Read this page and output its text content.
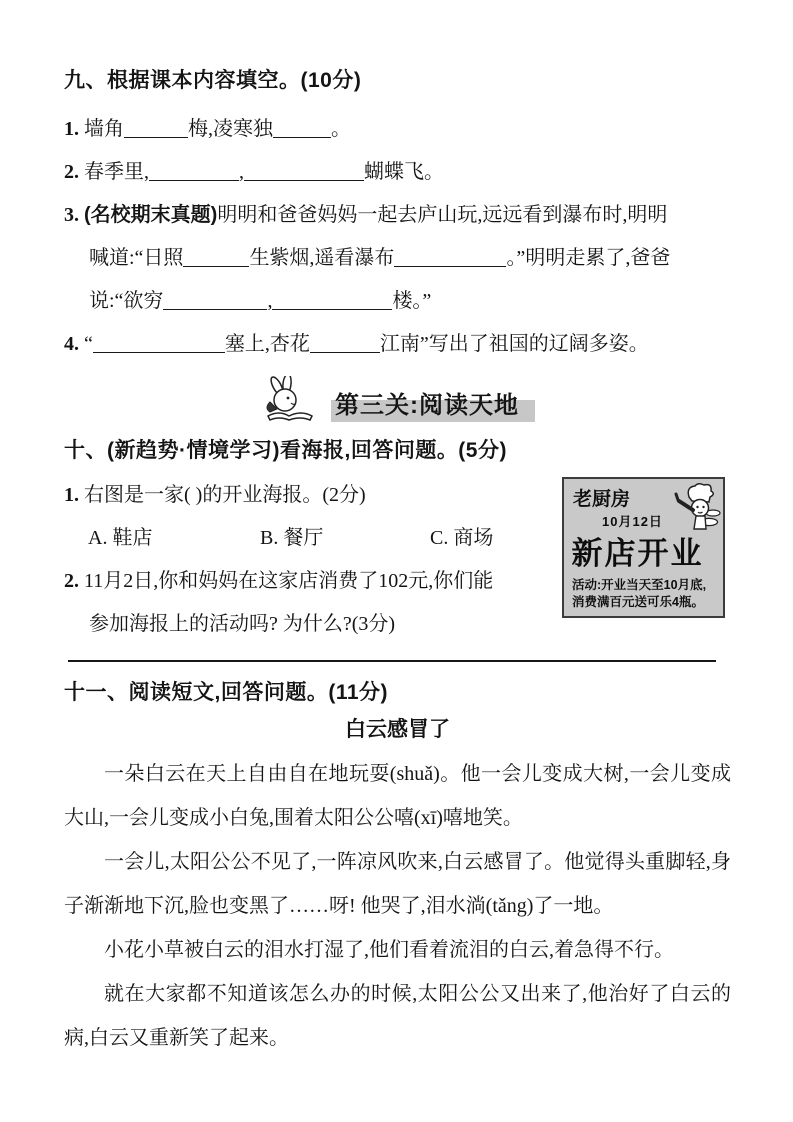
九、根据课本内容填空。(10分)
1. 墙角	梅,凌寒独	。
2. 春季里,	,	蝴蝶飞。
3. (名校期末真题)明明和爸爸妈妈一起去庐山玩,远远看到瀑布时,明明
喊道:“日照	生紫烟,遥看瀑布	。”明明走累了,爸爸
说:“欲穷	,	楼。”
4. “	塞上,杏花	江南”写出了祖国的辽阔多姿。
第三关:阅读天地
十、(新趋势·情境学习)看海报,回答问题。(5分)
1. 右图是一家( )的开业海报。(2分)
A. 鞋店	B. 餐厅	C. 商场
2. 11月2日,你和妈妈在这家店消费了102元,你们能
参加海报上的活动吗? 为什么?(3分)
老厨房
10月12日
新店开业
活动:开业当天至10月底,
消费满百元送可乐4瓶。
十一、阅读短文,回答问题。(11分)
白云感冒了

一朵白云在天上自由自在地玩耍(shuǎ)。他一会儿变成大树,一会儿变成大山,一会儿变成小白兔,围着太阳公公嘻(xī)嘻地笑。

一会儿,太阳公公不见了,一阵凉风吹来,白云感冒了。他觉得头重脚轻,身子渐渐地下沉,脸也变黑了……呀! 他哭了,泪水淌(tǎng)了一地。

小花小草被白云的泪水打湿了,他们看着流泪的白云,着急得不行。

就在大家都不知道该怎么办的时候,太阳公公又出来了,他治好了白云的病,白云又重新笑了起来。
